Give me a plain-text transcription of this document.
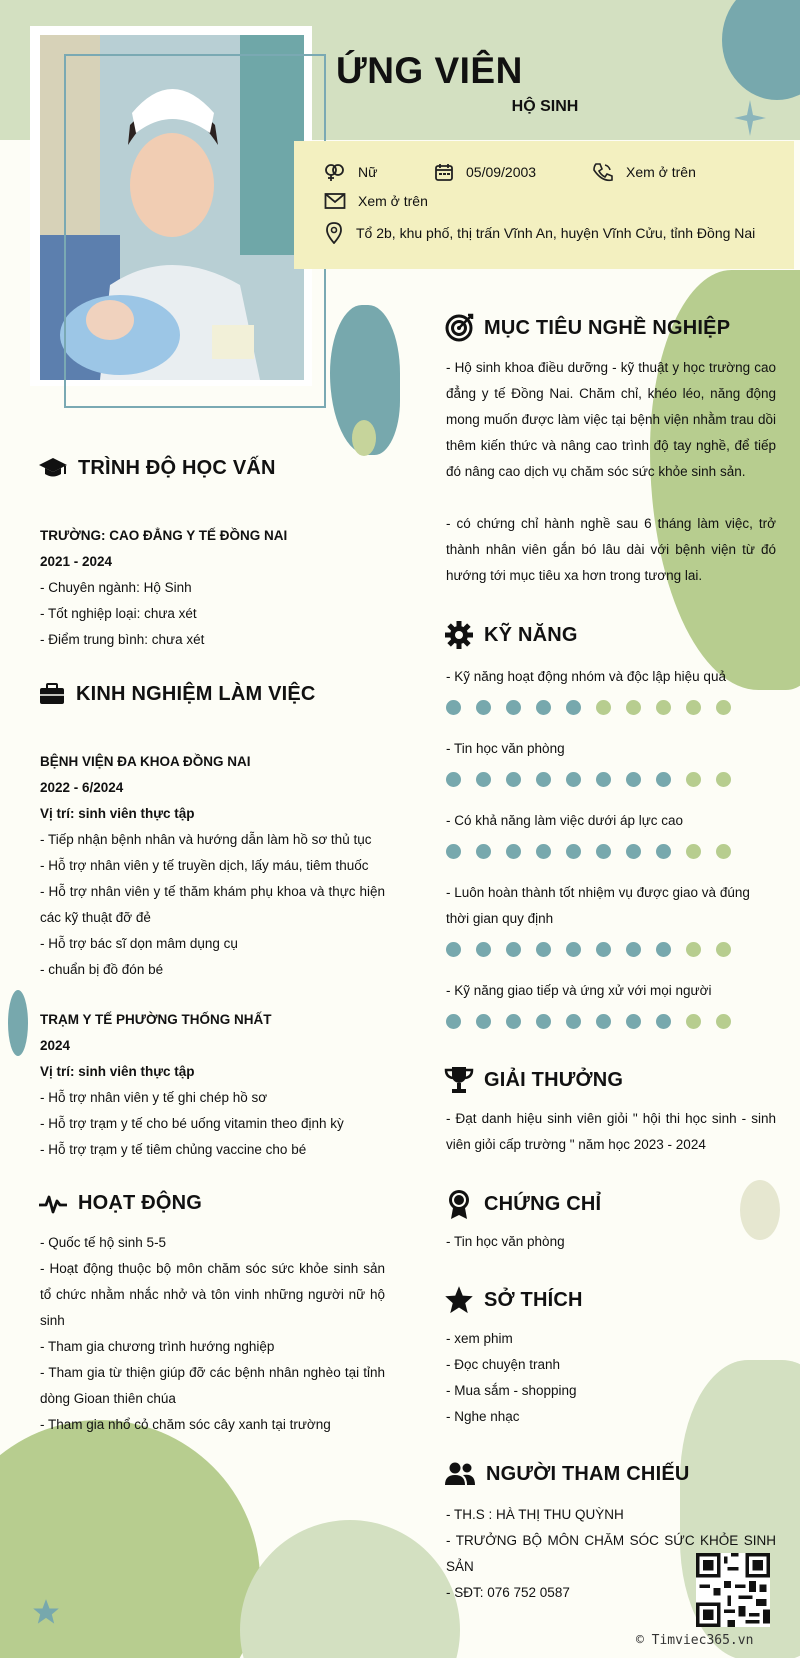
ỨNG VIÊN
HỘ SINH
Nữ	05/09/2003	Xem ở trên
Xem ở trên
Tổ 2b, khu phố, thị trấn Vĩnh An, huyện Vĩnh Cửu, tỉnh Đồng Nai
TRÌNH ĐỘ HỌC VẤN
TRƯỜNG: CAO ĐẲNG Y TẾ ĐỒNG NAI
2021 - 2024
- Chuyên ngành: Hộ Sinh
- Tốt nghiệp loại: chưa xét
- Điểm trung bình: chưa xét
KINH NGHIỆM LÀM VIỆC
BỆNH VIỆN ĐA KHOA ĐỒNG NAI
2022 - 6/2024
Vị trí: sinh viên thực tập
- Tiếp nhận bệnh nhân và hướng dẫn làm hồ sơ thủ tục
- Hỗ trợ nhân viên y tế truyền dịch, lấy máu, tiêm thuốc
- Hỗ trợ nhân viên y tế thăm khám phụ khoa và thực hiện các kỹ thuật đỡ đẻ
- Hỗ trợ bác sĩ dọn mâm dụng cụ
- chuẩn bị đồ đón bé
TRẠM Y TẾ PHƯỜNG THỐNG NHẤT
2024
Vị trí: sinh viên thực tập
- Hỗ trợ nhân viên y tế ghi chép hồ sơ
- Hỗ trợ trạm y tế cho bé uống vitamin theo định kỳ
- Hỗ trợ trạm y tế tiêm chủng vaccine cho bé
HOẠT ĐỘNG
- Quốc tế hộ sinh 5-5
- Hoạt động thuộc bộ môn chăm sóc sức khỏe sinh sản tổ chức nhằm nhắc nhở và tôn vinh những người nữ hộ sinh
- Tham gia chương trình hướng nghiệp
- Tham gia từ thiện giúp đỡ các bệnh nhân nghèo tại tỉnh dòng Gioan thiên chúa
- Tham gia nhổ cỏ chăm sóc cây xanh tại trường
MỤC TIÊU NGHỀ NGHIỆP
- Hộ sinh khoa điều dưỡng - kỹ thuật y học trường cao đẳng y tế Đồng Nai. Chăm chỉ, khéo léo, năng động mong muốn được làm việc tại bệnh viện nhằm trau dồi thêm kiến thức và nâng cao trình độ tay nghề, để tiếp đó nâng cao dịch vụ chăm sóc sức khỏe sinh sản.
- có chứng chỉ hành nghề sau 6 tháng làm việc, trở thành nhân viên gắn bó lâu dài với bệnh viện từ đó hướng tới mục tiêu xa hơn trong tương lai.
KỸ NĂNG
- Kỹ năng hoạt động nhóm và độc lập hiệu quả
- Tin học văn phòng
- Có khả năng làm việc dưới áp lực cao
- Luôn hoàn thành tốt nhiệm vụ được giao và đúng thời gian quy định
- Kỹ năng giao tiếp và ứng xử với mọi người
GIẢI THƯỞNG
- Đạt danh hiệu sinh viên giỏi " hội thi học sinh - sinh viên giỏi cấp trường " năm học 2023 - 2024
CHỨNG CHỈ
- Tin học văn phòng
SỞ THÍCH
- xem phim
- Đọc chuyện tranh
- Mua sắm - shopping
- Nghe nhạc
NGƯỜI THAM CHIẾU
- TH.S : HÀ THỊ THU QUỲNH
- TRƯỞNG BỘ MÔN CHĂM SÓC SỨC KHỎE SINH SẢN
- SĐT: 076 752 0587
© Timviec365.vn
